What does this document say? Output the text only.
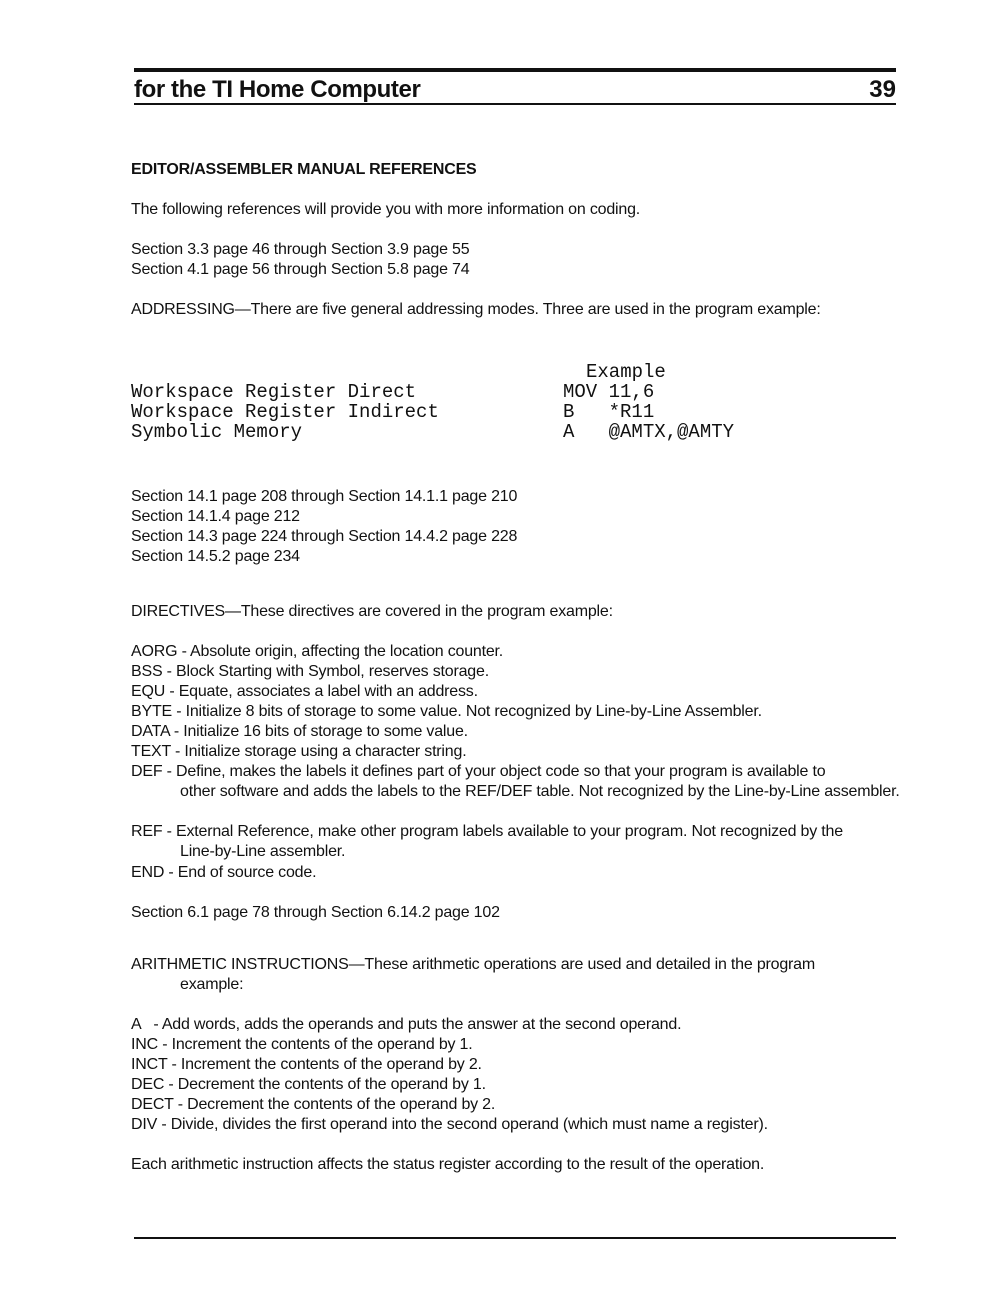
for the TI Home Computer	39
EDITOR/ASSEMBLER MANUAL REFERENCES
The following references will provide you with more information on coding.
Section 3.3 page 46 through Section 3.9 page 55
Section 4.1 page 56 through Section 5.8 page 74
ADDRESSING—There are five general addressing modes. Three are used in the program example:
Example
Workspace Register Direct	MOV 11,6
Workspace Register Indirect	B   *R11
Symbolic Memory	A   @AMTX,@AMTY
Section 14.1 page 208 through Section 14.1.1 page 210
Section 14.1.4 page 212
Section 14.3 page 224 through Section 14.4.2 page 228
Section 14.5.2 page 234
DIRECTIVES—These directives are covered in the program example:
AORG - Absolute origin, affecting the location counter.
BSS - Block Starting with Symbol, reserves storage.
EQU - Equate, associates a label with an address.
BYTE - Initialize 8 bits of storage to some value. Not recognized by Line-by-Line Assembler.
DATA - Initialize 16 bits of storage to some value.
TEXT - Initialize storage using a character string.
DEF - Define, makes the labels it defines part of your object code so that your program is available to
other software and adds the labels to the REF/DEF table. Not recognized by the Line-by-Line assembler.
REF - External Reference, make other program labels available to your program. Not recognized by the
Line-by-Line assembler.
END - End of source code.
Section 6.1 page 78 through Section 6.14.2 page 102
ARITHMETIC INSTRUCTIONS—These arithmetic operations are used and detailed in the program
example:
A   - Add words, adds the operands and puts the answer at the second operand.
INC - Increment the contents of the operand by 1.
INCT - Increment the contents of the operand by 2.
DEC - Decrement the contents of the operand by 1.
DECT - Decrement the contents of the operand by 2.
DIV - Divide, divides the first operand into the second operand (which must name a register).
Each arithmetic instruction affects the status register according to the result of the operation.
